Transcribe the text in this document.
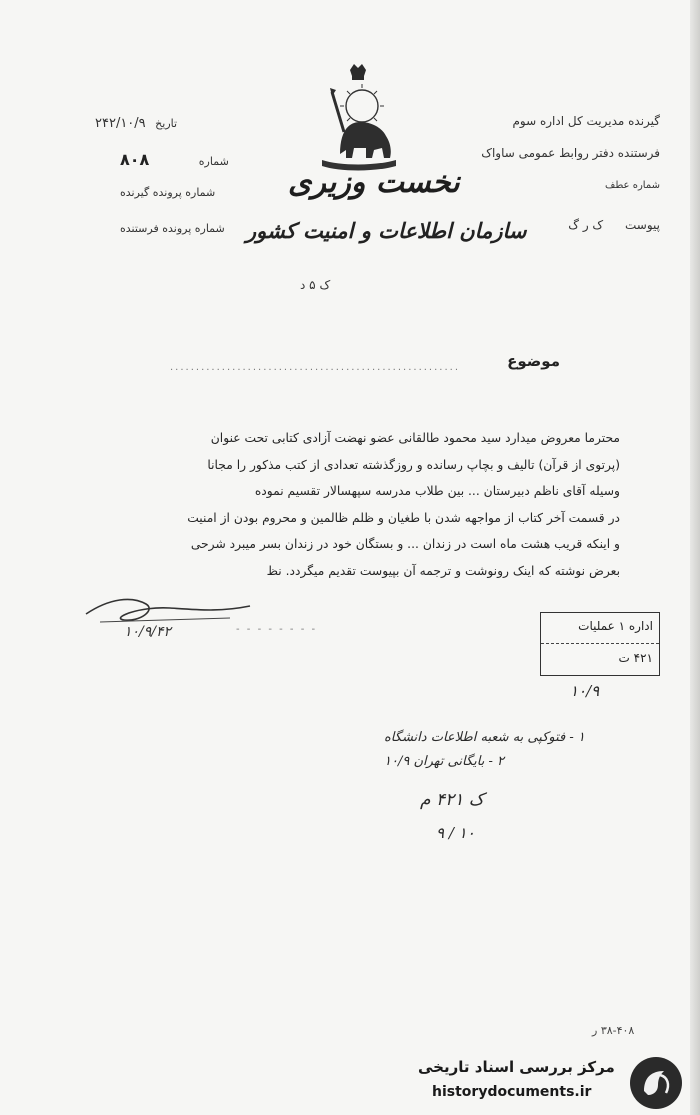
گیرنده مدیریت کل اداره سوم
فرستنده دفتر روابط عمومی ساواک
شماره عطف
پیوست ک ر گ
تاریخ ۲۴۲/۱۰/۹
شماره ۸۰۸
شماره پرونده گیرنده
شماره پرونده فرستنده
نخست وزیری
سازمان اطلاعات و امنیت کشور
ک ۵ د
موضوع
........................................................

محترما معروض میدارد سید محمود طالقانی عضو نهضت آزادی کتابی تحت عنوان

(پرتوی از قرآن) تالیف و بچاپ رسانده و روزگذشته تعدادی از کتب مذکور را مجانا

وسیله آقای ناظم دبیرستان ... بین طلاب مدرسه سپهسالار تقسیم نموده

در قسمت آخر کتاب از مواجهه شدن با طغیان و ظلم ظالمین و محروم بودن از امنیت

و اینکه قریب هشت ماه است در زندان ... و بستگان خود در زندان بسر میبرد شرحی

بعرض نوشته که اینک رونوشت و ترجمه آن بپیوست تقدیم میگردد. نظ

۱۰/۹/۴۲	- - - - - - - -	اداره ۱ عملیات
۴۲۱ ت
۱۰/۹
۱ - فتوکپی به شعبه اطلاعات دانشگاه
۲ - بایگانی تهران ۱۰/۹
ک ۴۲۱ م
۱۰ / ۹
۳۸-۴۰۸ ر
مرکز بررسی اسناد تاریخی
historydocuments.ir
